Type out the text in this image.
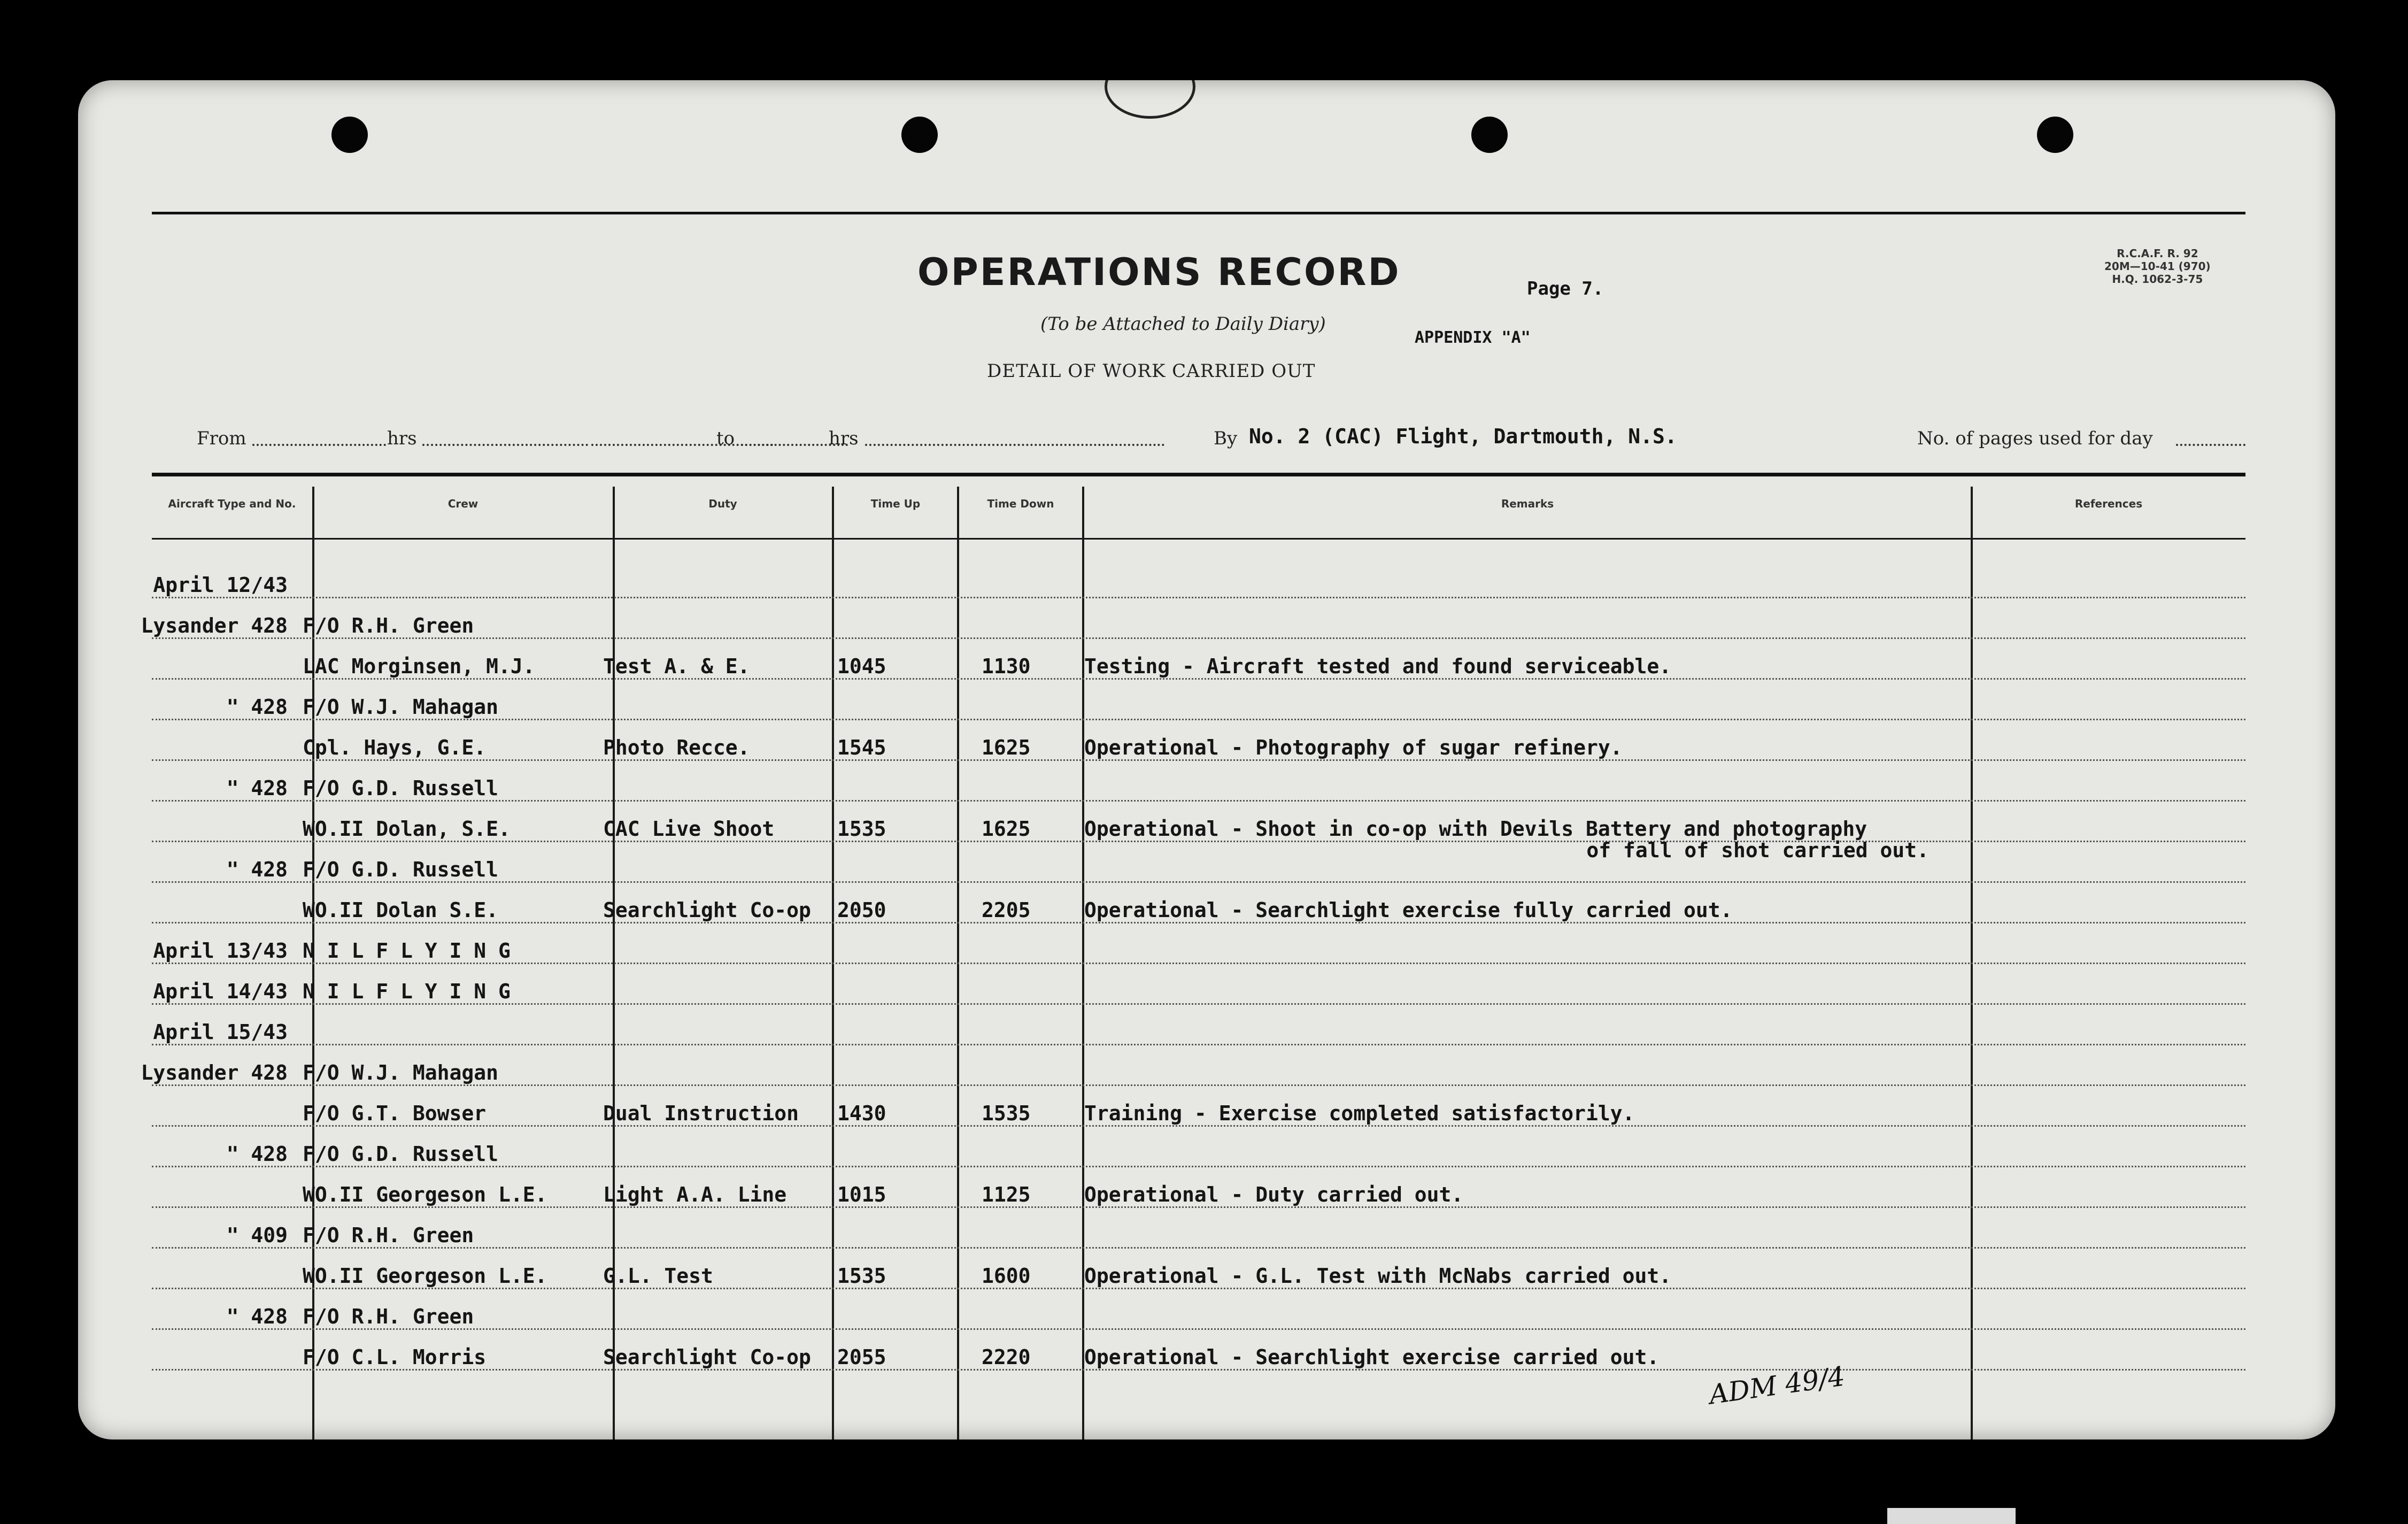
R.C.A.F. R. 92
20M—10-41 (970)
H.Q. 1062-3-75
OPERATIONS RECORD	Page 7.
(To be Attached to Daily Diary)
APPENDIX "A"
DETAIL OF WORK CARRIED OUT
From	hrs	to	hrs	By No. 2 (CAC) Flight, Dartmouth, N.S.	No. of pages used for day
Aircraft Type and No.	Crew	Duty	Time Up	Time Down	Remarks	References
April 12/43
Lysander 428 F/O R.H. Green
LAC Morginsen, M.J.	Test A. & E.	1045	1130	Testing - Aircraft tested and found serviceable.
" 428 F/O W.J. Mahagan
Cpl. Hays, G.E.	Photo Recce.	1545	1625	Operational - Photography of sugar refinery.
" 428 F/O G.D. Russell
WO.II Dolan, S.E.	CAC Live Shoot	1535	1625	Operational - Shoot in co-op with Devils Battery and photography
of fall of shot carried out.
" 428 F/O G.D. Russell
WO.II Dolan S.E.	Searchlight Co-op 2050	2205	Operational - Searchlight exercise fully carried out.
April 13/43 N I L F L Y I N G
April 14/43 N I L F L Y I N G
April 15/43
Lysander 428 F/O W.J. Mahagan
F/O G.T. Bowser	Dual Instruction 1430	1535	Training - Exercise completed satisfactorily.
" 428 F/O G.D. Russell
WO.II Georgeson L.E.	Light A.A. Line 1015	1125	Operational - Duty carried out.
" 409 F/O R.H. Green
WO.II Georgeson L.E.	G.L. Test	1535	1600	Operational - G.L. Test with McNabs carried out.
" 428 F/O R.H. Green
F/O C.L. Morris	Searchlight Co-op 2055	2220	Operational - Searchlight exercise carried out.
ADM 49/4
